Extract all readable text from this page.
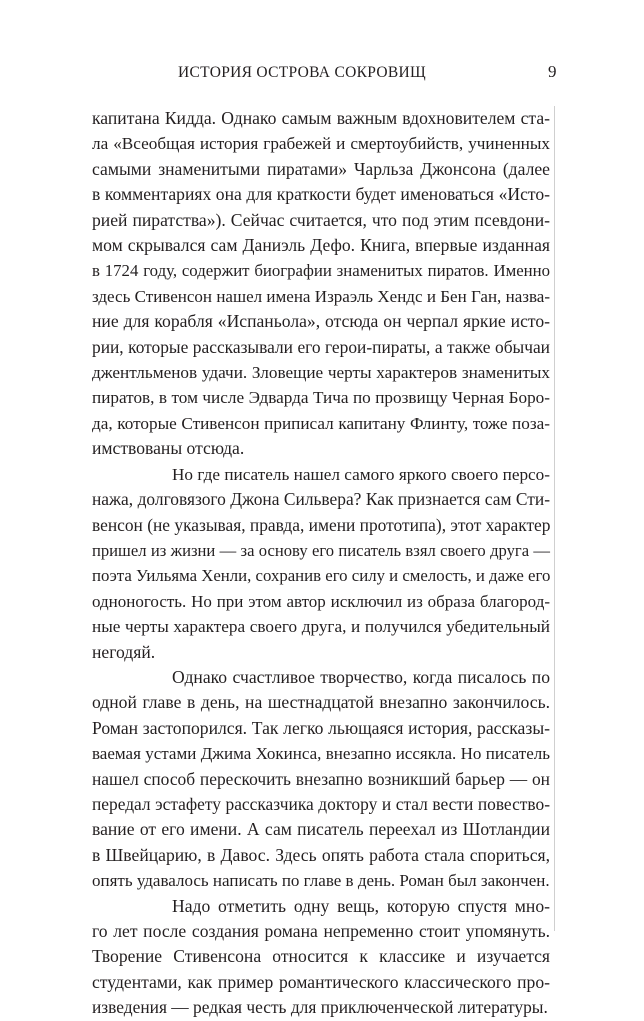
ИСТОРИЯ ОСТРОВА СОКРОВИЩ	9
капитана Кидда. Однако самым важным вдохновителем ста-
ла «Всеобщая история грабежей и смертоубийств, учиненных
самыми знаменитыми пиратами» Чарльза Джонсона (далее
в комментариях она для краткости будет именоваться «Исто-
рией пиратства»). Сейчас считается, что под этим псевдони-
мом скрывался сам Даниэль Дефо. Книга, впервые изданная
в 1724 году, содержит биографии знаменитых пиратов. Именно
здесь Стивенсон нашел имена Израэль Хендс и Бен Ган, назва-
ние для корабля «Испаньола», отсюда он черпал яркие исто-
рии, которые рассказывали его герои-пираты, а также обычаи
джентльменов удачи. Зловещие черты характеров знаменитых
пиратов, в том числе Эдварда Тича по прозвищу Черная Боро-
да, которые Стивенсон приписал капитану Флинту, тоже поза-
имствованы отсюда.
Но где писатель нашел самого яркого своего персо-
нажа, долговязого Джона Сильвера? Как признается сам Сти-
венсон (не указывая, правда, имени прототипа), этот характер
пришел из жизни — за основу его писатель взял своего друга —
поэта Уильяма Хенли, сохранив его силу и смелость, и даже его
одноногость. Но при этом автор исключил из образа благород-
ные черты характера своего друга, и получился убедительный
негодяй.
Однако счастливое творчество, когда писалось по
одной главе в день, на шестнадцатой внезапно закончилось.
Роман застопорился. Так легко льющаяся история, рассказы-
ваемая устами Джима Хокинса, внезапно иссякла. Но писатель
нашел способ перескочить внезапно возникший барьер — он
передал эстафету рассказчика доктору и стал вести повество-
вание от его имени. А сам писатель переехал из Шотландии
в Швейцарию, в Давос. Здесь опять работа стала спориться,
опять удавалось написать по главе в день. Роман был закончен.
Надо отметить одну вещь, которую спустя мно-
го лет после создания романа непременно стоит упомянуть.
Творение Стивенсона относится к классике и изучается
студентами, как пример романтического классического про-
изведения — редкая честь для приключенческой литературы.
